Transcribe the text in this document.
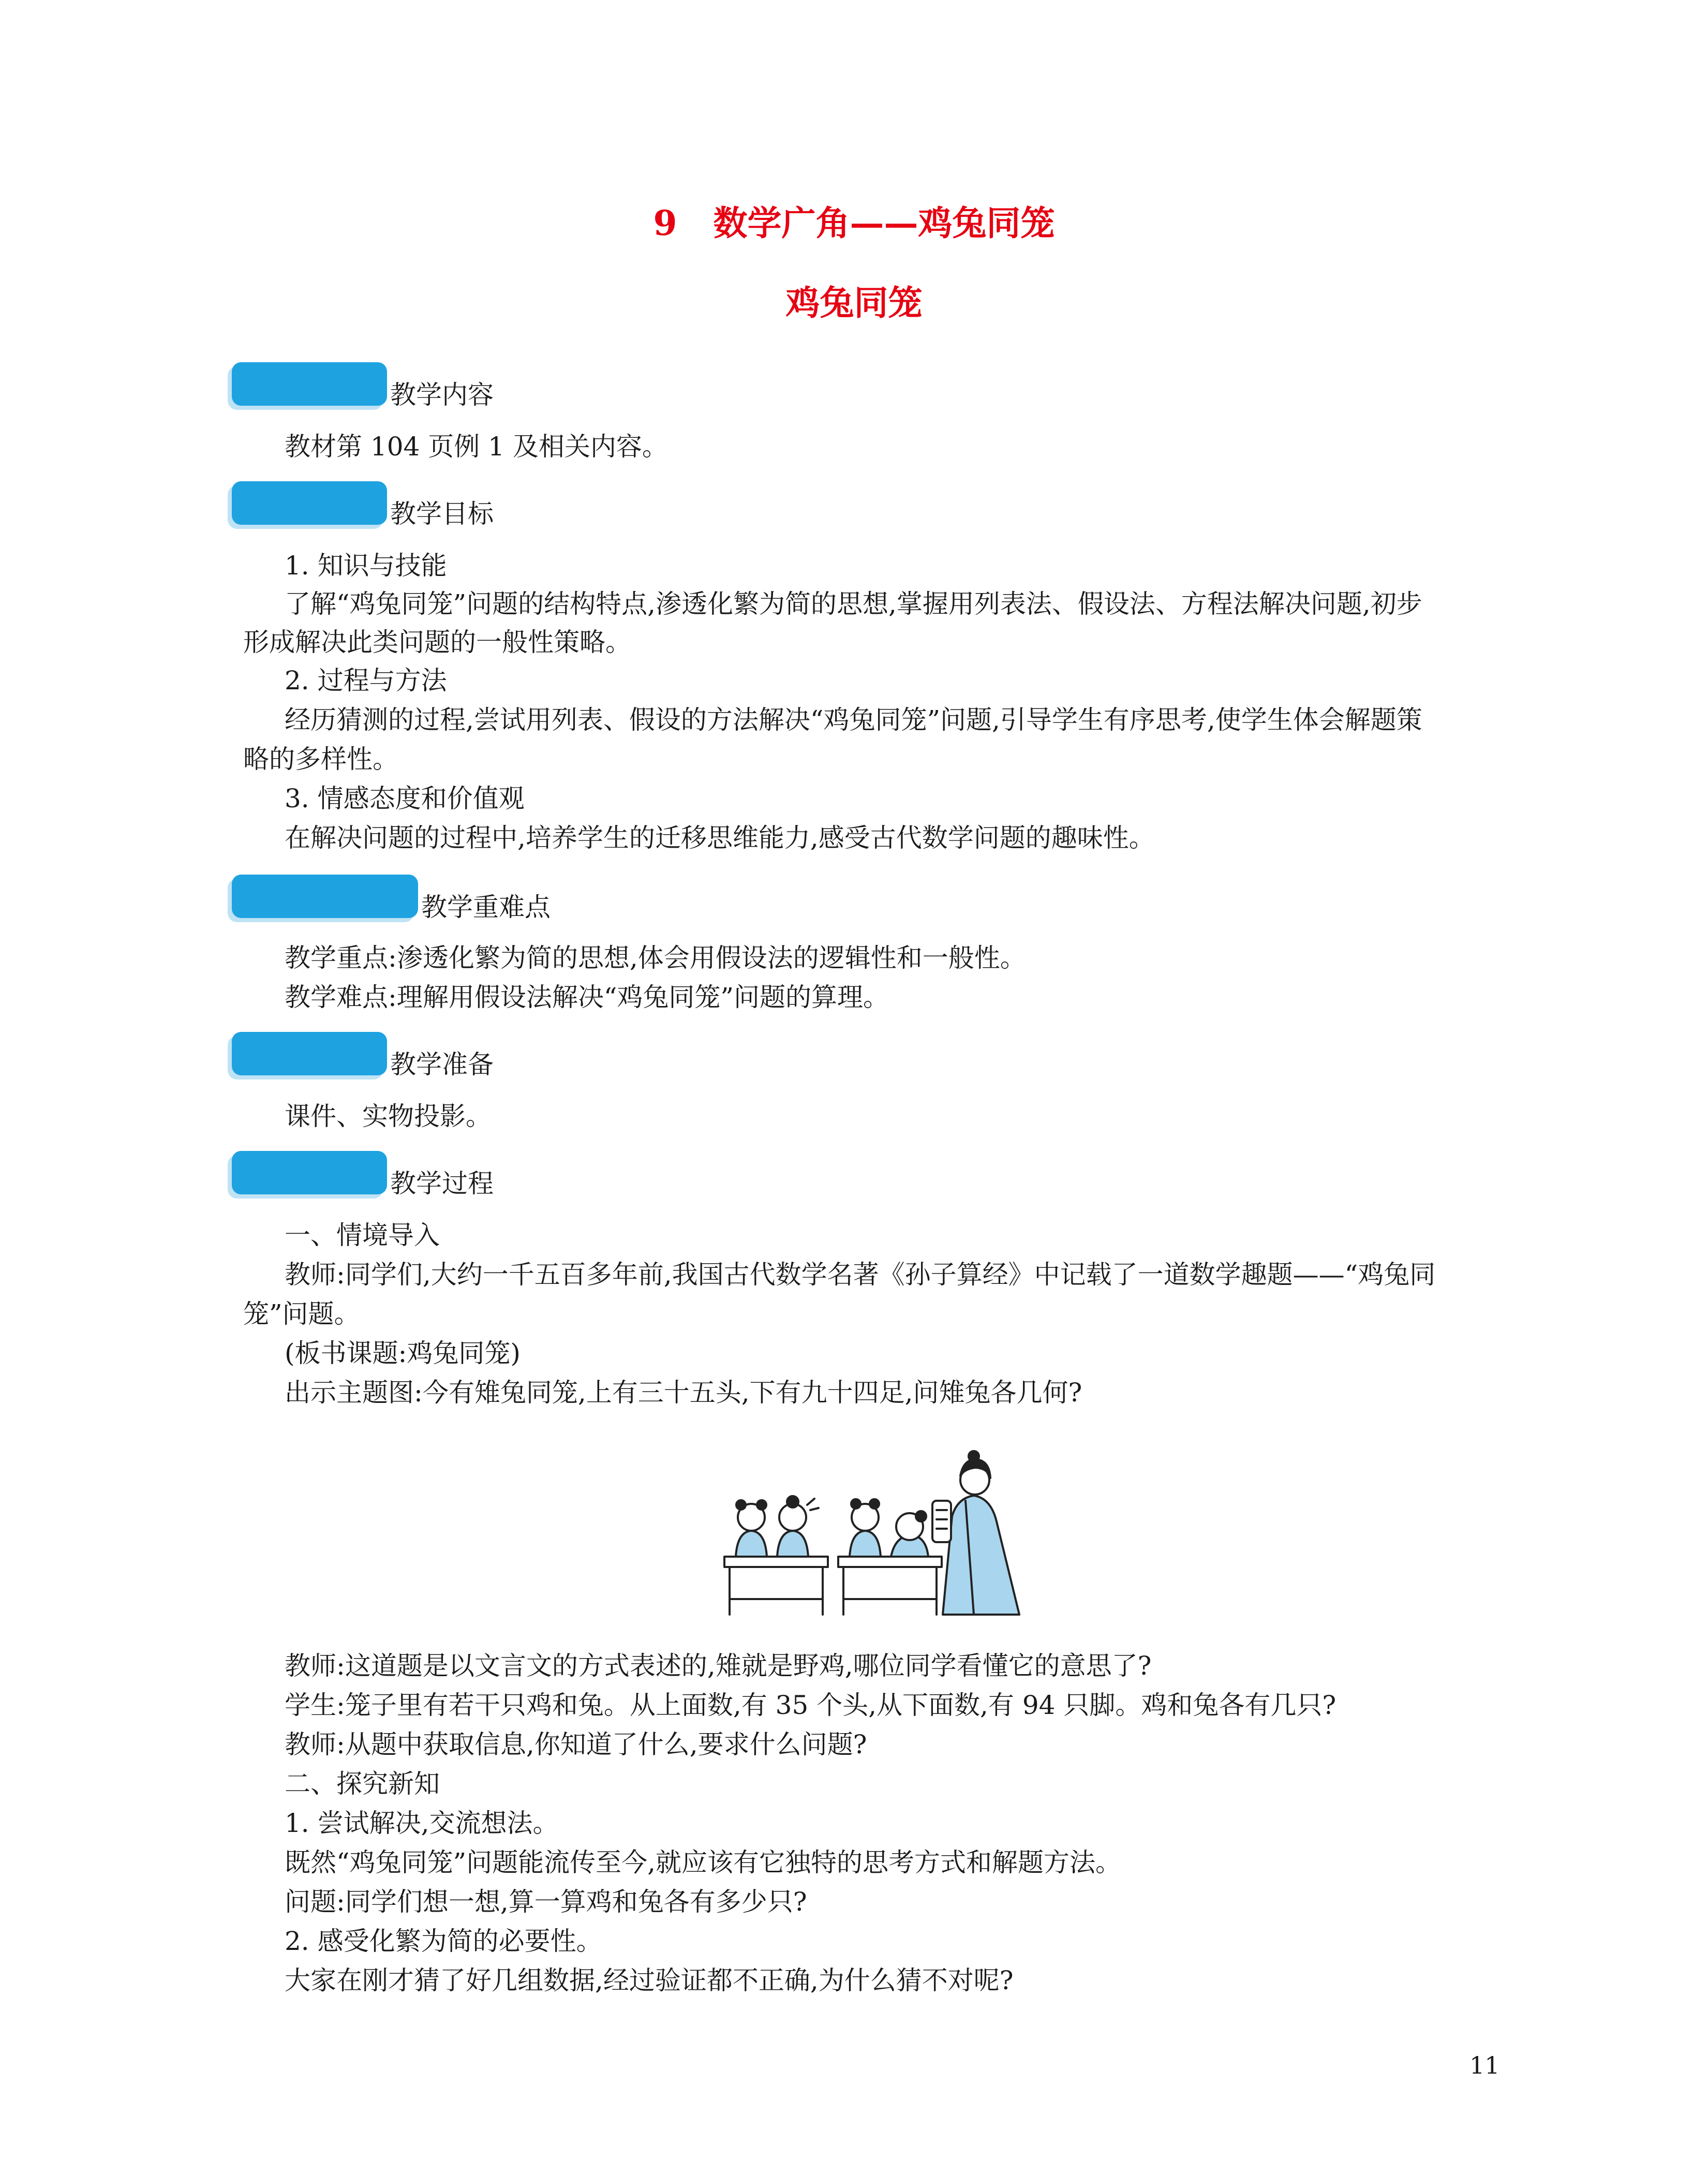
9 数学广角——鸡兔同笼
鸡兔同笼
教学内容
教材第 104 页例 1 及相关内容。
教学目标
1. 知识与技能
了解“鸡兔同笼”问题的结构特点,渗透化繁为简的思想,掌握用列表法、假设法、方程法解决问题,初步
形成解决此类问题的一般性策略。
2. 过程与方法
经历猜测的过程,尝试用列表、假设的方法解决“鸡兔同笼”问题,引导学生有序思考,使学生体会解题策
略的多样性。
3. 情感态度和价值观
在解决问题的过程中,培养学生的迁移思维能力,感受古代数学问题的趣味性。
教学重难点
教学重点:渗透化繁为简的思想,体会用假设法的逻辑性和一般性。
教学难点:理解用假设法解决“鸡兔同笼”问题的算理。
教学准备
课件、实物投影。
教学过程
一、情境导入
教师:同学们,大约一千五百多年前,我国古代数学名著《孙子算经》中记载了一道数学趣题——“鸡兔同
笼”问题。
(板书课题:鸡兔同笼)
出示主题图:今有雉兔同笼,上有三十五头,下有九十四足,问雉兔各几何?
教师:这道题是以文言文的方式表述的,雉就是野鸡,哪位同学看懂它的意思了?
学生:笼子里有若干只鸡和兔。从上面数,有 35 个头,从下面数,有 94 只脚。鸡和兔各有几只?
教师:从题中获取信息,你知道了什么,要求什么问题?
二、探究新知
1. 尝试解决,交流想法。
既然“鸡兔同笼”问题能流传至今,就应该有它独特的思考方式和解题方法。
问题:同学们想一想,算一算鸡和兔各有多少只?
2. 感受化繁为简的必要性。
大家在刚才猜了好几组数据,经过验证都不正确,为什么猜不对呢?
11
